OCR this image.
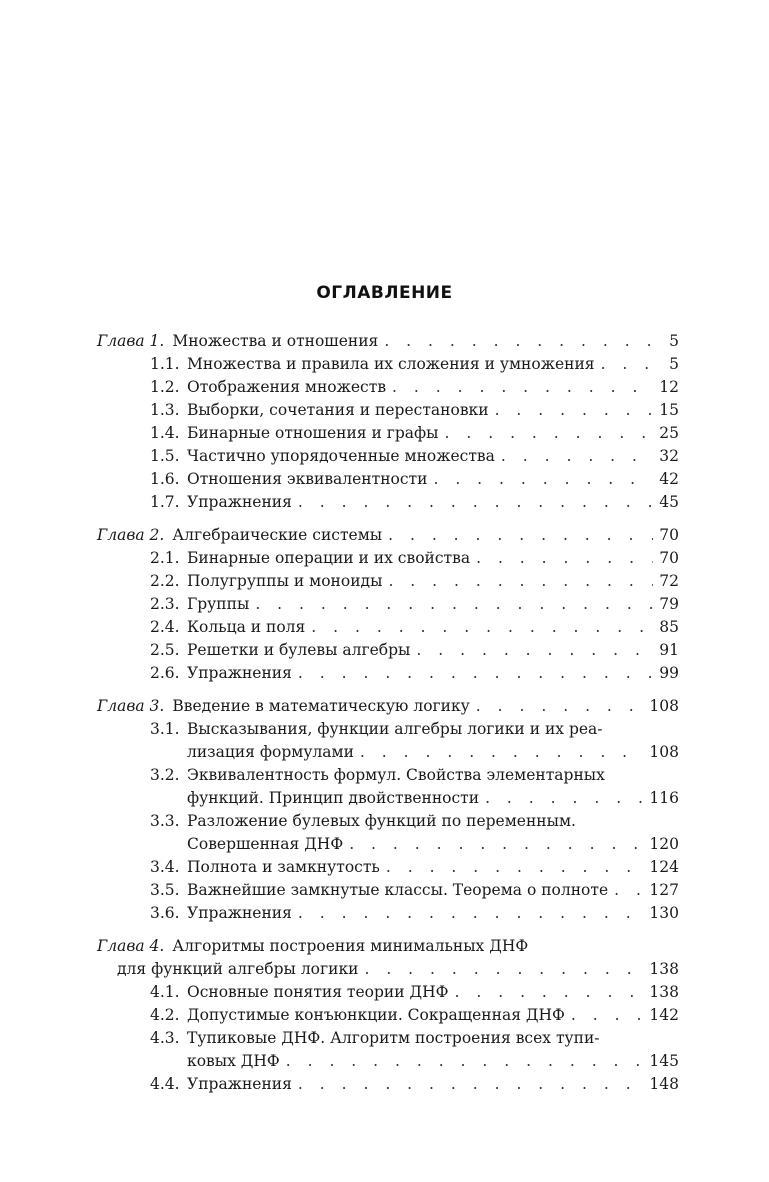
ОГЛАВЛЕНИЕ
Глава 1. Множества и отношения . . .	5
1.1. Множества и правила их сложения и умножения . . .	5
1.2. Отображения множеств . . .	12
1.3. Выборки, сочетания и перестановки . . .	15
1.4. Бинарные отношения и графы . . .	25
1.5. Частично упорядоченные множества . . .	32
1.6. Отношения эквивалентности . . .	42
1.7. Упражнения . . .	45
Глава 2. Алгебраические системы . . .	70
2.1. Бинарные операции и их свойства . . .	70
2.2. Полугруппы и моноиды . . .	72
2.3. Группы . . .	79
2.4. Кольца и поля . . .	85
2.5. Решетки и булевы алгебры . . .	91
2.6. Упражнения . . .	99
Глава 3. Введение в математическую логику . . .	108
3.1. Высказывания, функции алгебры логики и их реа-
лизация формулами . . .	108
3.2. Эквивалентность формул. Свойства элементарных
функций. Принцип двойственности . . .	116
3.3. Разложение булевых функций по переменным.
Совершенная ДНФ . . .	120
3.4. Полнота и замкнутость . . .	124
3.5. Важнейшие замкнутые классы. Теорема о полноте . . .	127
3.6. Упражнения . . .	130
Глава 4. Алгоритмы построения минимальных ДНФ
для функций алгебры логики . . .	138
4.1. Основные понятия теории ДНФ . . .	138
4.2. Допустимые конъюнкции. Сокращенная ДНФ . . .	142
4.3. Тупиковые ДНФ. Алгоритм построения всех тупи-
ковых ДНФ . . .	145
4.4. Упражнения . . .	148
